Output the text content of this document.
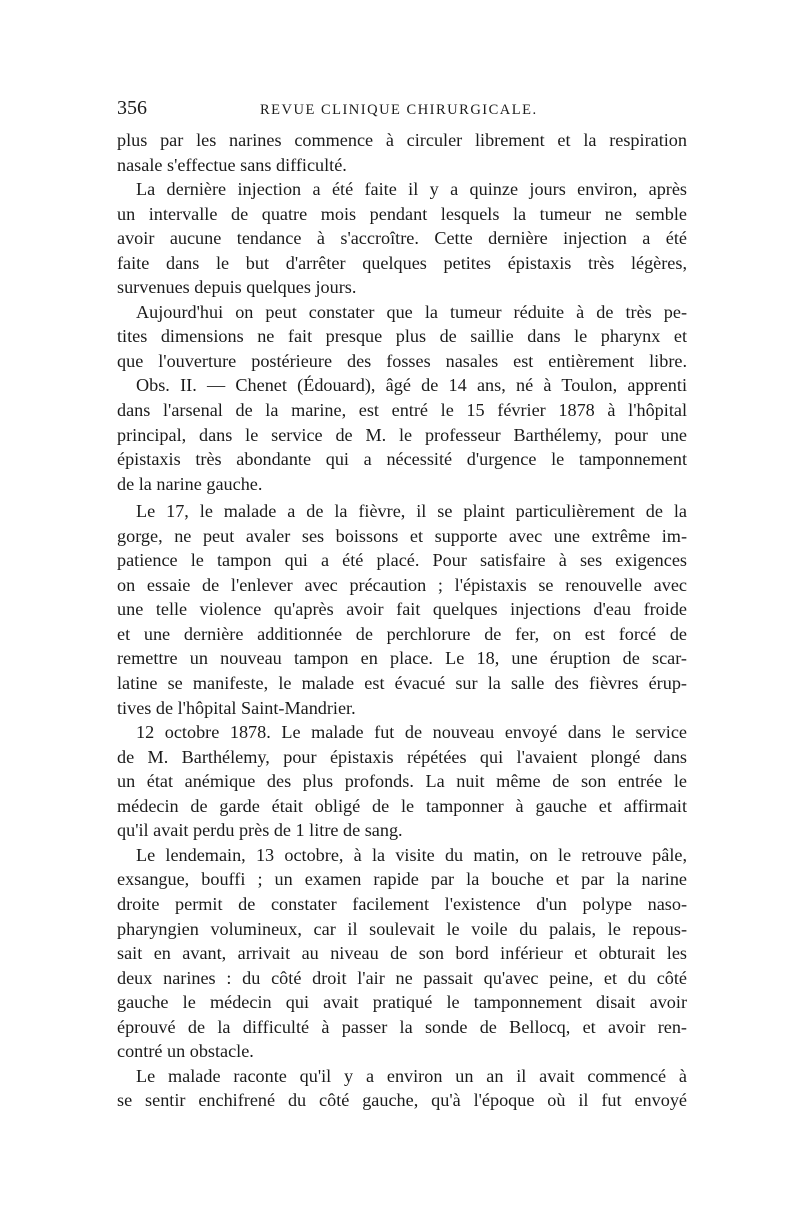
356	REVUE CLINIQUE CHIRURGICALE.
plus par les narines commence à circuler librement et la respiration
nasale s'effectue sans difficulté.
La dernière injection a été faite il y a quinze jours environ, après
un intervalle de quatre mois pendant lesquels la tumeur ne semble
avoir aucune tendance à s'accroître. Cette dernière injection a été
faite dans le but d'arrêter quelques petites épistaxis très légères,
survenues depuis quelques jours.
Aujourd'hui on peut constater que la tumeur réduite à de très pe-
tites dimensions ne fait presque plus de saillie dans le pharynx et
que l'ouverture postérieure des fosses nasales est entièrement libre.
Obs. II. — Chenet (Édouard), âgé de 14 ans, né à Toulon, apprenti
dans l'arsenal de la marine, est entré le 15 février 1878 à l'hôpital
principal, dans le service de M. le professeur Barthélemy, pour une
épistaxis très abondante qui a nécessité d'urgence le tamponnement
de la narine gauche.
Le 17, le malade a de la fièvre, il se plaint particulièrement de la
gorge, ne peut avaler ses boissons et supporte avec une extrême im-
patience le tampon qui a été placé. Pour satisfaire à ses exigences
on essaie de l'enlever avec précaution ; l'épistaxis se renouvelle avec
une telle violence qu'après avoir fait quelques injections d'eau froide
et une dernière additionnée de perchlorure de fer, on est forcé de
remettre un nouveau tampon en place. Le 18, une éruption de scar-
latine se manifeste, le malade est évacué sur la salle des fièvres érup-
tives de l'hôpital Saint-Mandrier.
12 octobre 1878. Le malade fut de nouveau envoyé dans le service
de M. Barthélemy, pour épistaxis répétées qui l'avaient plongé dans
un état anémique des plus profonds. La nuit même de son entrée le
médecin de garde était obligé de le tamponner à gauche et affirmait
qu'il avait perdu près de 1 litre de sang.
Le lendemain, 13 octobre, à la visite du matin, on le retrouve pâle,
exsangue, bouffi ; un examen rapide par la bouche et par la narine
droite permit de constater facilement l'existence d'un polype naso-
pharyngien volumineux, car il soulevait le voile du palais, le repous-
sait en avant, arrivait au niveau de son bord inférieur et obturait les
deux narines : du côté droit l'air ne passait qu'avec peine, et du côté
gauche le médecin qui avait pratiqué le tamponnement disait avoir
éprouvé de la difficulté à passer la sonde de Bellocq, et avoir ren-
contré un obstacle.
Le malade raconte qu'il y a environ un an il avait commencé à
se sentir enchifrené du côté gauche, qu'à l'époque où il fut envoyé
